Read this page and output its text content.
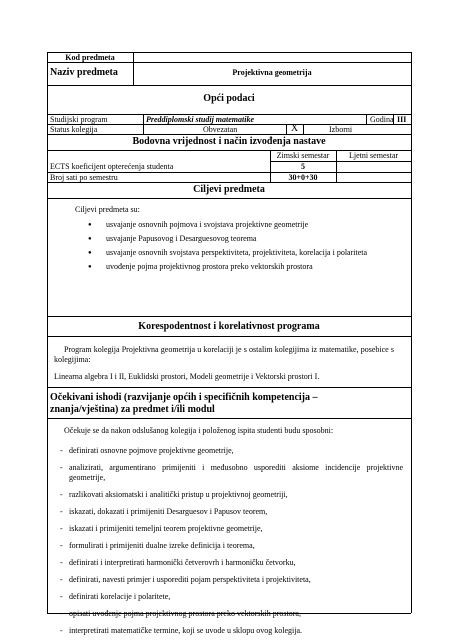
Kod predmeta
Naziv predmeta	Projektivna geometrija
Opći podaci
Studijski program	Preddiplomski studij matematike	Godina III
Status kolegija	Obvezatan	X	Izborni
Bodovna vrijednost i način izvođenja nastave
Zimski semestar	Ljetni semestar
ECTS koeficijent opterećenja studenta	5
Broj sati po semestru	30+0+30
Ciljevi predmeta
Ciljevi predmeta su:
● usvajanje osnovnih pojmova i svojstava projektivne geometrije
● usvajanje Papusovog i Desarguesovog teorema
● usvajanje osnovnih svojstava perspektiviteta, projektiviteta, korelacija i polariteta
● uvođenje pojma projektivnog prostora preko vektorskih prostora
Korespodentnost i korelativnost programa
Program kolegija Projektivna geometrija u korelaciji je s ostalim kolegijima iz matematike, posebice s kolegijima:
Linearna algebra I i II, Euklidski prostori, Modeli geometrije i Vektorski prostori I.
Očekivani ishodi (razvijanje općih i specifičnih kompetencija –
znanja/vještina) za predmet i/ili modul
Očekuje se da nakon odslušanog kolegija i položenog ispita studenti budu sposobni:
- definirati osnovne pojmove projektivne geometrije,
- analizirati, argumentirano primijeniti i međusobno usporediti aksiome incidencije projektivne geometrije,
- razlikovati aksiomatski i analitički pristup u projektivnoj geometriji,
- iskazati, dokazati i primijeniti Desarguesov i Papusov teorem,
- iskazati i primijeniti temeljni teorem projektivne geometrije,
- formulirati i primijeniti dualne izreke definicija i teorema,
- definirati i interpretirati harmonički četverovrh i harmoničku četvorku,
- definirati, navesti primjer i usporediti pojam perspektiviteta i projektiviteta,
- definirati korelacije i polaritete,
- opisati uvođenje pojma projektivnog prostora preko vektorskih prostora,
- interpretirati matematičke termine, koji se uvode u sklopu ovog kolegija.
